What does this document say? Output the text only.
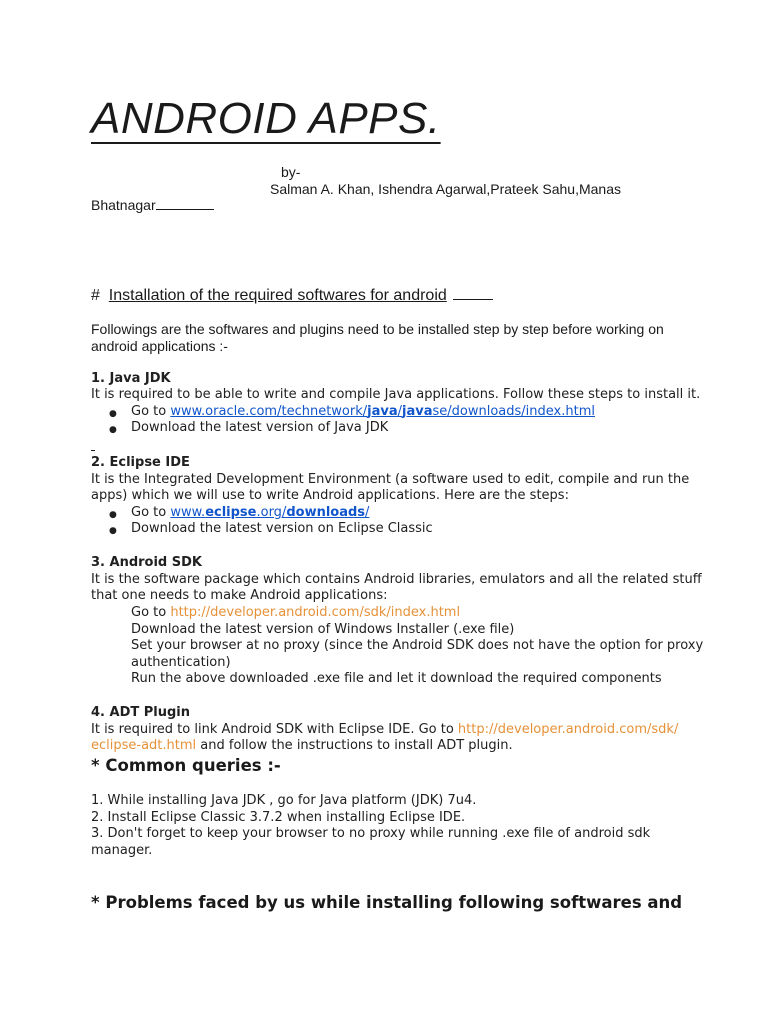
ANDROID APPS.
by-
Salman A. Khan, Ishendra Agarwal,Prateek Sahu,Manas
Bhatnagar
# Installation of the required softwares for android
Followings are the softwares and plugins need to be installed step by step before working on
android applications :-
1. Java JDK
It is required to be able to write and compile Java applications. Follow these steps to install it.
● Go to www.oracle.com/technetwork/java/javase/downloads/index.html
● Download the latest version of Java JDK
2. Eclipse IDE
It is the Integrated Development Environment (a software used to edit, compile and run the
apps) which we will use to write Android applications. Here are the steps:
● Go to www.eclipse.org/downloads/
● Download the latest version on Eclipse Classic
3. Android SDK
It is the software package which contains Android libraries, emulators and all the related stuff
that one needs to make Android applications:
Go to http://developer.android.com/sdk/index.html
Download the latest version of Windows Installer (.exe file)
Set your browser at no proxy (since the Android SDK does not have the option for proxy
authentication)
Run the above downloaded .exe file and let it download the required components
4. ADT Plugin
It is required to link Android SDK with Eclipse IDE. Go to http://developer.android.com/sdk/
eclipse-adt.html and follow the instructions to install ADT plugin.
* Common queries :-
1. While installing Java JDK , go for Java platform (JDK) 7u4.
2. Install Eclipse Classic 3.7.2 when installing Eclipse IDE.
3. Don't forget to keep your browser to no proxy while running .exe file of android sdk
manager.
* Problems faced by us while installing following softwares and
